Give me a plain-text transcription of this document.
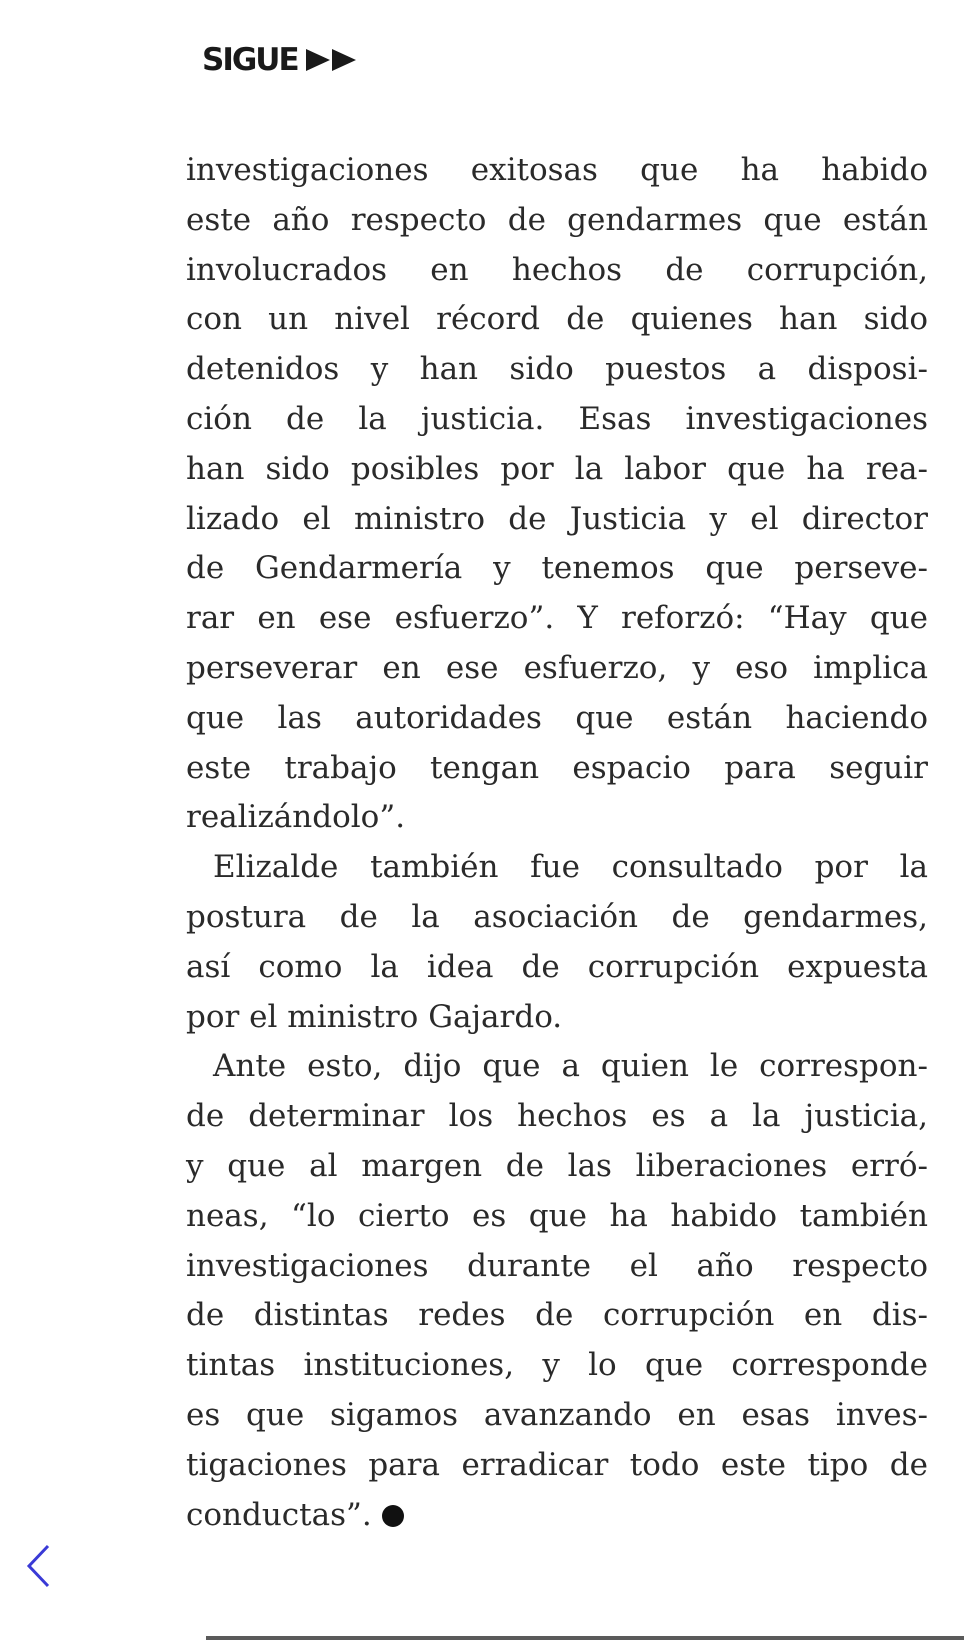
SIGUE
investigaciones exitosas que ha habido
este año respecto de gendarmes que están
involucrados en hechos de corrupción,
con un nivel récord de quienes han sido
detenidos y han sido puestos a disposi-
ción de la justicia. Esas investigaciones
han sido posibles por la labor que ha rea-
lizado el ministro de Justicia y el director
de Gendarmería y tenemos que perseve-
rar en ese esfuerzo”. Y reforzó: “Hay que
perseverar en ese esfuerzo, y eso implica
que las autoridades que están haciendo
este trabajo tengan espacio para seguir
realizándolo”.
Elizalde también fue consultado por la
postura de la asociación de gendarmes,
así como la idea de corrupción expuesta
por el ministro Gajardo.
Ante esto, dijo que a quien le correspon-
de determinar los hechos es a la justicia,
y que al margen de las liberaciones erró-
neas, “lo cierto es que ha habido también
investigaciones durante el año respecto
de distintas redes de corrupción en dis-
tintas instituciones, y lo que corresponde
es que sigamos avanzando en esas inves-
tigaciones para erradicar todo este tipo de
conductas”.
